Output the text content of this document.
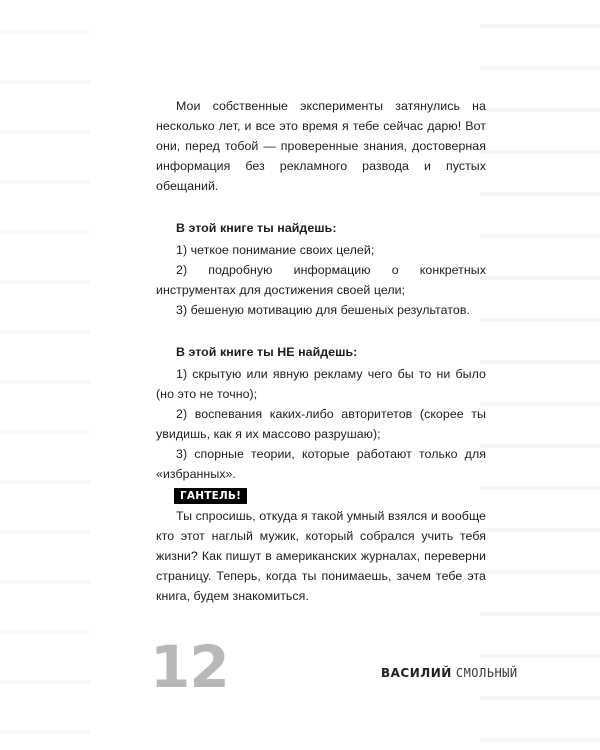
Мои собственные эксперименты затянулись на несколько лет, и все это время я тебе сейчас дарю! Вот они, перед тобой — проверенные знания, достоверная информация без рекламного развода и пустых обещаний.

В этой книге ты найдешь:
1) четкое понимание своих целей;
2) подробную информацию о конкретных инструментах для достижения своей цели;
3) бешеную мотивацию для бешеных результатов.
В этой книге ты НЕ найдешь:
1) скрытую или явную рекламу чего бы то ни было (но это не точно);
2) воспевания каких-либо авторитетов (скорее ты увидишь, как я их массово разрушаю);
3) спорные теории, которые работают только для «избранных».

Ты спросишь, откуда я такой умный взялся и вообще кто этот наглый мужик, который собрался учить тебя жизни? Как пишут в американских журналах, переверни страницу. Теперь, когда ты понимаешь, зачем тебе эта книга, будем знакомиться.

ГАНТЕЛЬ!
12	ВАСИЛИЙ СМОЛЬНЫЙ
